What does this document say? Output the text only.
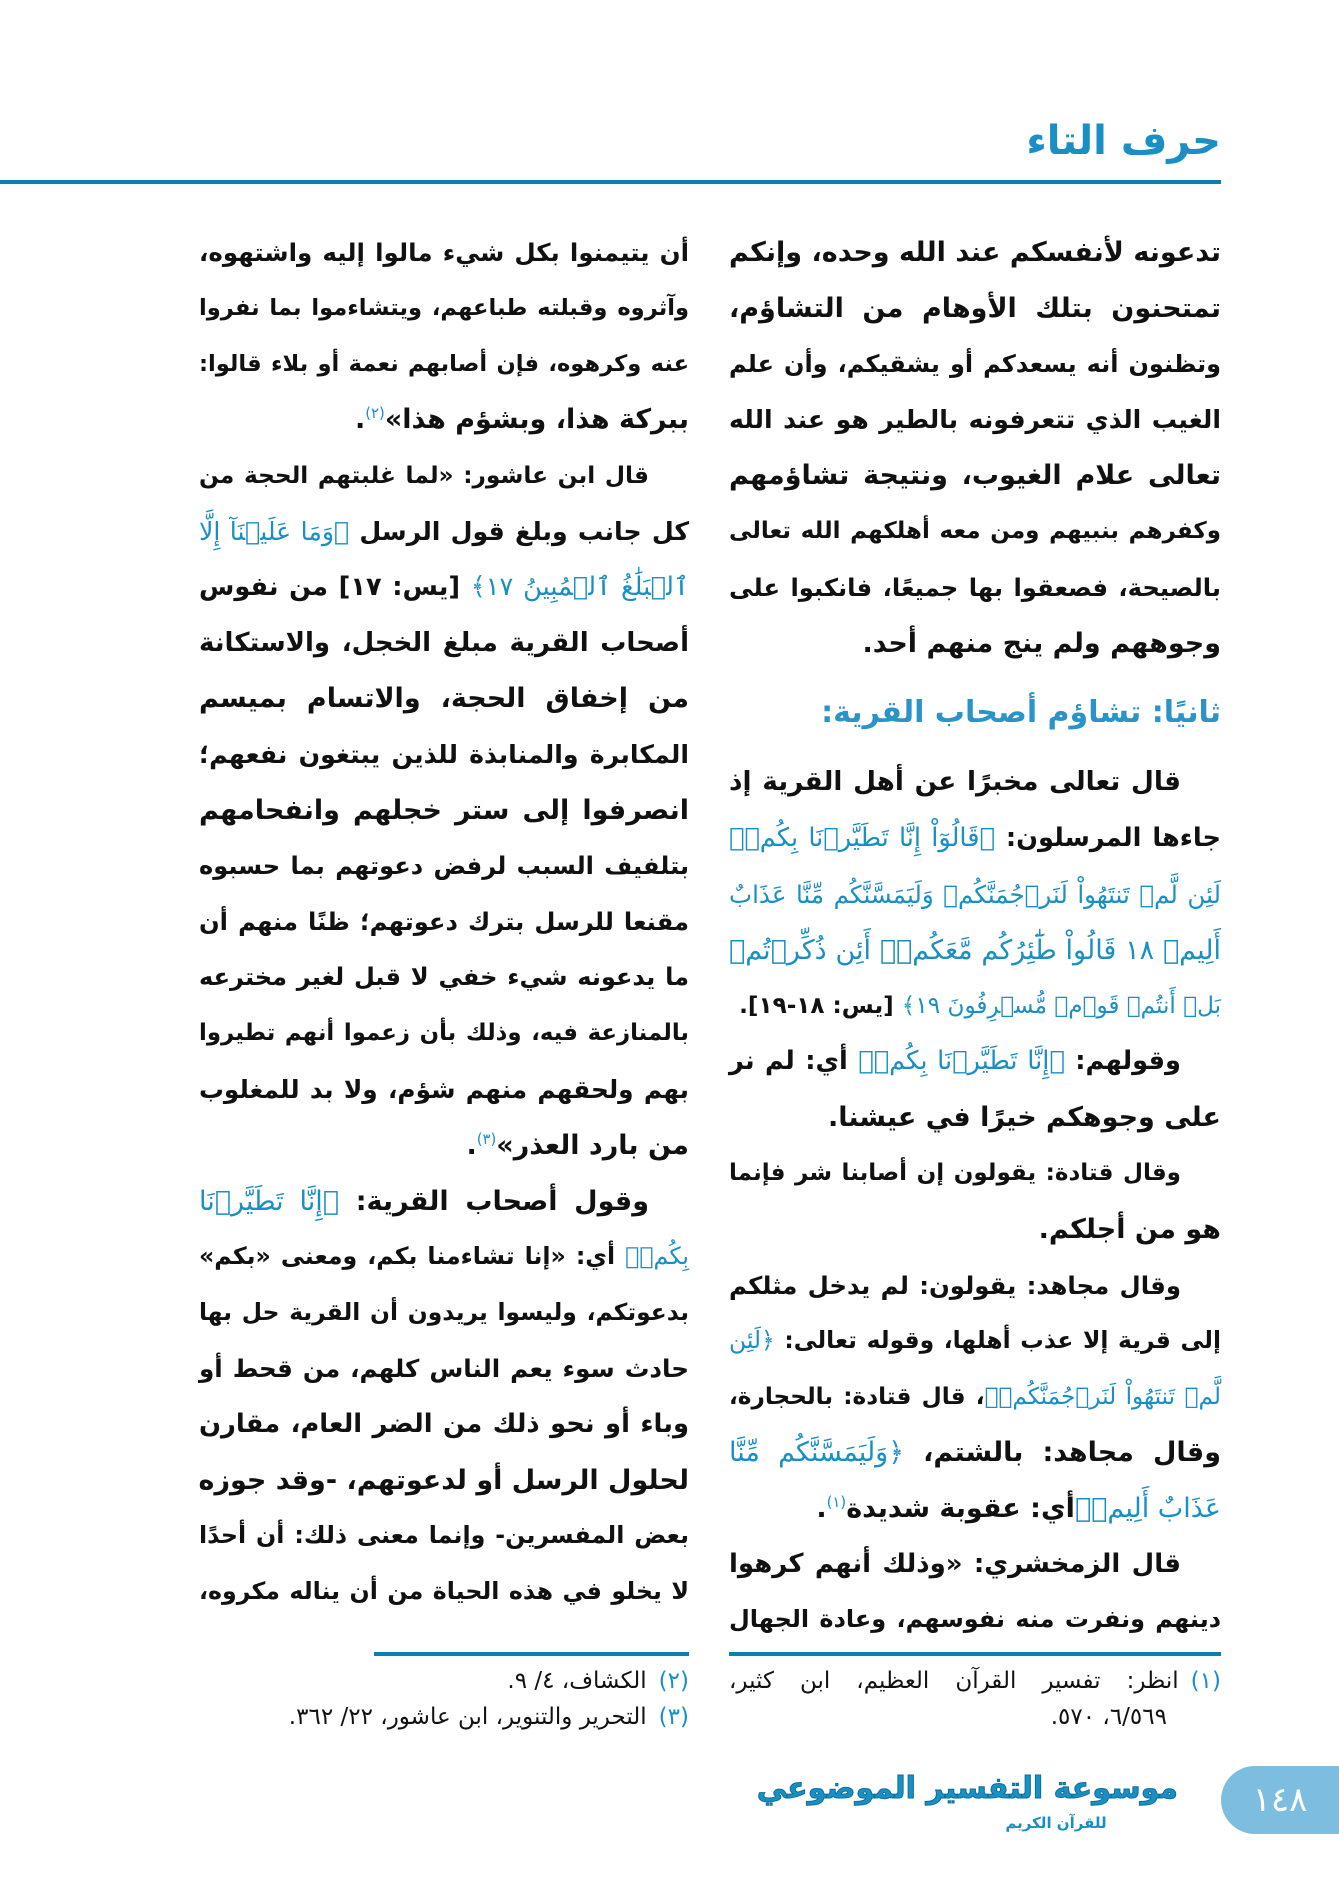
حرف التاء
تدعونه لأنفسكم عند الله وحده، وإنكم
تمتحنون بتلك الأوهام من التشاؤم،
وتظنون أنه يسعدكم أو يشقيكم، وأن علم
الغيب الذي تتعرفونه بالطير هو عند الله
تعالى علام الغيوب، ونتيجة تشاؤمهم
وكفرهم بنبيهم ومن معه أهلكهم الله تعالى
بالصيحة، فصعقوا بها جميعًا، فانكبوا على
وجوههم ولم ينج منهم أحد.
ثانيًا: تشاؤم أصحاب القرية:
قال تعالى مخبرًا عن أهل القرية إذ
جاءها المرسلون: ﴿قَالُوٓاْ إِنَّا تَطَيَّرۡنَا بِكُمۡۖ
لَئِن لَّمۡ تَنتَهُواْ لَنَرۡجُمَنَّكُمۡ وَلَيَمَسَّنَّكُم مِّنَّا عَذَابٌ
أَلِيمٞ ١٨ قَالُواْ طَٰٓئِرُكُم مَّعَكُمۡۚ أَئِن ذُكِّرۡتُمۚ
بَلۡ أَنتُمۡ قَوۡمٞ مُّسۡرِفُونَ ١٩﴾ [يس: ١٨-١٩].
وقولهم: ﴿إِنَّا تَطَيَّرۡنَا بِكُمۡ﴾ أي: لم نر
على وجوهكم خيرًا في عيشنا.
وقال قتادة: يقولون إن أصابنا شر فإنما
هو من أجلكم.
وقال مجاهد: يقولون: لم يدخل مثلكم
إلى قرية إلا عذب أهلها، وقوله تعالى: ﴿لَئِن
لَّمۡ تَنتَهُواْ لَنَرۡجُمَنَّكُمۡ﴾، قال قتادة: بالحجارة،
وقال مجاهد: بالشتم، ﴿وَلَيَمَسَّنَّكُم مِّنَّا
عَذَابٌ أَلِيمٞ﴾أي: عقوبة شديدة$^{(١)}$.
قال الزمخشري: «وذلك أنهم كرهوا
دينهم ونفرت منه نفوسهم، وعادة الجهال
أن يتيمنوا بكل شيء مالوا إليه واشتهوه،
وآثروه وقبلته طباعهم، ويتشاءموا بما نفروا
عنه وكرهوه، فإن أصابهم نعمة أو بلاء قالوا:
ببركة هذا، وبشؤم هذا»$^{(٢)}$.
قال ابن عاشور: «لما غلبتهم الحجة من
كل جانب وبلغ قول الرسل ﴿وَمَا عَلَيۡنَآ إِلَّا
ٱلۡبَلَٰغُ ٱلۡمُبِينُ ١٧﴾ [يس: ١٧] من نفوس
أصحاب القرية مبلغ الخجل، والاستكانة
من إخفاق الحجة، والاتسام بميسم
المكابرة والمنابذة للذين يبتغون نفعهم؛
انصرفوا إلى ستر خجلهم وانفحامهم
بتلفيف السبب لرفض دعوتهم بما حسبوه
مقنعا للرسل بترك دعوتهم؛ ظنًا منهم أن
ما يدعونه شيء خفي لا قبل لغير مخترعه
بالمنازعة فيه، وذلك بأن زعموا أنهم تطيروا
بهم ولحقهم منهم شؤم، ولا بد للمغلوب
من بارد العذر»$^{(٣)}$.
وقول أصحاب القرية: ﴿إِنَّا تَطَيَّرۡنَا
بِكُمۡ﴾ أي: «إنا تشاءمنا بكم، ومعنى «بكم»
بدعوتكم، وليسوا يريدون أن القرية حل بها
حادث سوء يعم الناس كلهم، من قحط أو
وباء أو نحو ذلك من الضر العام، مقارن
لحلول الرسل أو لدعوتهم، -وقد جوزه
بعض المفسرين- وإنما معنى ذلك: أن أحدًا
لا يخلو في هذه الحياة من أن يناله مكروه،
(١)انظر: تفسير القرآن العظيم، ابن كثير،
٦/٥٦٩، ٥٧٠.
(٢)الكشاف، ٤/ ٩.
(٣)التحرير والتنوير، ابن عاشور، ٢٢/ ٣٦٢.
موسوعة التفسير الموضوعي
للقرآن الكريم
١٤٨
